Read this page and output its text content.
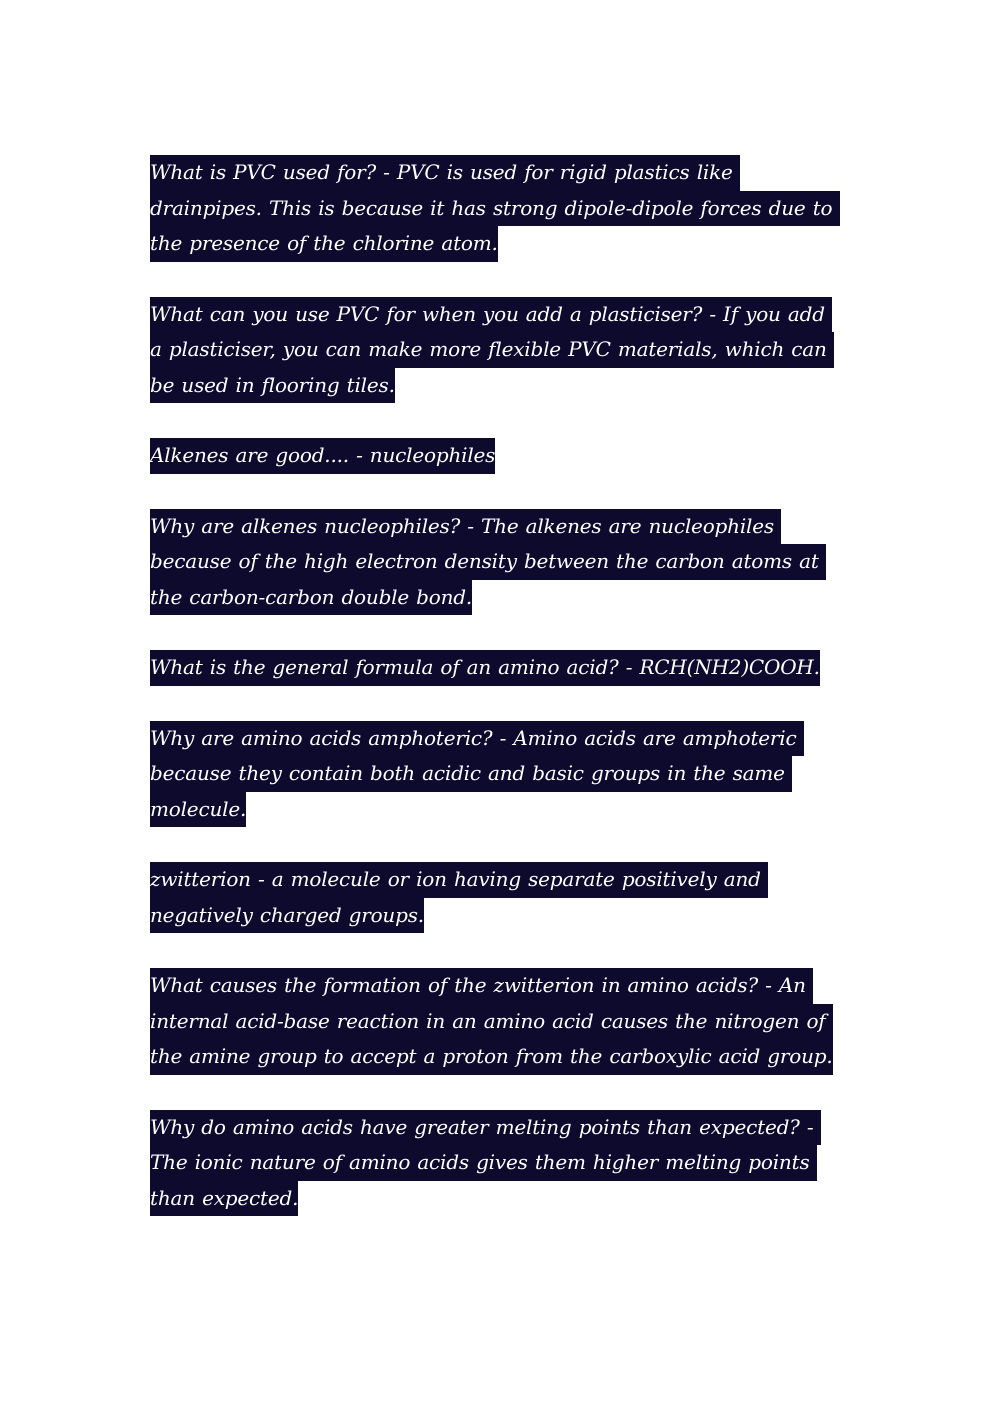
What is PVC used for? - PVC is used for rigid plastics like
drainpipes. This is because it has strong dipole-dipole forces due to
the presence of the chlorine atom.
What can you use PVC for when you add a plasticiser? - If you add
a plasticiser, you can make more flexible PVC materials, which can
be used in flooring tiles.
Alkenes are good.... - nucleophiles
Why are alkenes nucleophiles? - The alkenes are nucleophiles
because of the high electron density between the carbon atoms at
the carbon-carbon double bond.
What is the general formula of an amino acid? - RCH(NH2)COOH.
Why are amino acids amphoteric? - Amino acids are amphoteric
because they contain both acidic and basic groups in the same
molecule.
zwitterion - a molecule or ion having separate positively and
negatively charged groups.
What causes the formation of the zwitterion in amino acids? - An
internal acid-base reaction in an amino acid causes the nitrogen of
the amine group to accept a proton from the carboxylic acid group.
Why do amino acids have greater melting points than expected? -
The ionic nature of amino acids gives them higher melting points
than expected.
